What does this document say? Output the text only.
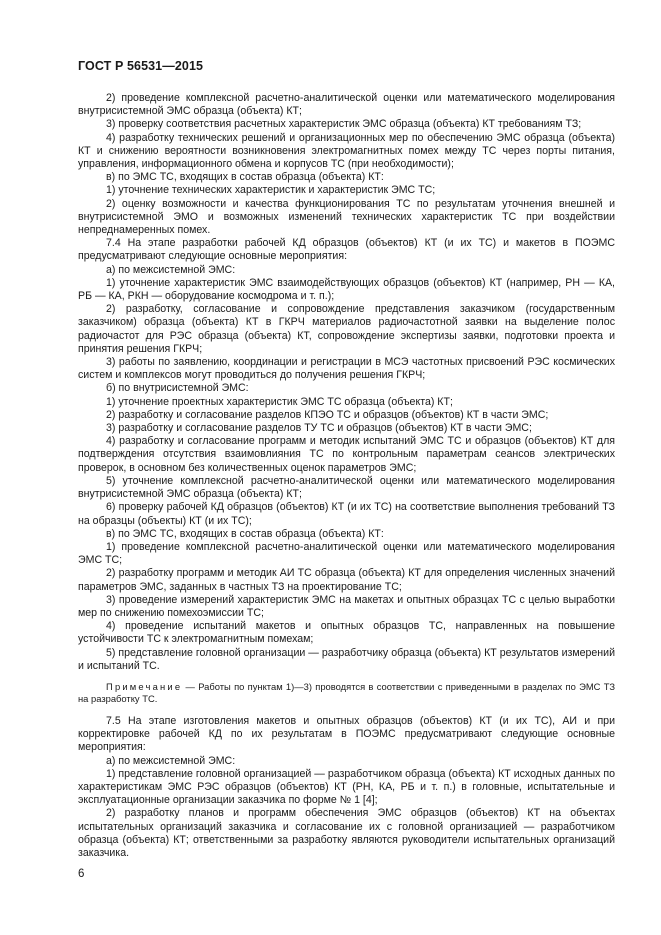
ГОСТ Р 56531—2015

2) проведение комплексной расчетно-аналитической оценки или математического моделирования внутрисистемной ЭМС образца (объекта) КТ;

3) проверку соответствия расчетных характеристик ЭМС образца (объекта) КТ требованиям ТЗ;

4) разработку технических решений и организационных мер по обеспечению ЭМС образца (объекта) КТ и снижению вероятности возникновения электромагнитных помех между ТС через порты питания, управления, информационного обмена и корпусов ТС (при необходимости);

в) по ЭМС ТС, входящих в состав образца (объекта) КТ:

1) уточнение технических характеристик и характеристик ЭМС ТС;

2) оценку возможности и качества функционирования ТС по результатам уточнения внешней и внутрисистемной ЭМО и возможных изменений технических характеристик ТС при воздействии непреднамеренных помех.

7.4 На этапе разработки рабочей КД образцов (объектов) КТ (и их ТС) и макетов в ПОЭМС предусматривают следующие основные мероприятия:

а) по межсистемной ЭМС:

1) уточнение характеристик ЭМС взаимодействующих образцов (объектов) КТ (например, РН — КА, РБ — КА, РКН — оборудование космодрома и т. п.);

2) разработку, согласование и сопровождение представления заказчиком (государственным заказчиком) образца (объекта) КТ в ГКРЧ материалов радиочастотной заявки на выделение полос радиочастот для РЭС образца (объекта) КТ, сопровождение экспертизы заявки, подготовки проекта и принятия решения ГКРЧ;

3) работы по заявлению, координации и регистрации в МСЭ частотных присвоений РЭС космических систем и комплексов могут проводиться до получения решения ГКРЧ;

б) по внутрисистемной ЭМС:

1) уточнение проектных характеристик ЭМС ТС образца (объекта) КТ;

2) разработку и согласование разделов КПЭО ТС и образцов (объектов) КТ в части ЭМС;

3) разработку и согласование разделов ТУ ТС и образцов (объектов) КТ в части ЭМС;

4) разработку и согласование программ и методик испытаний ЭМС ТС и образцов (объектов) КТ для подтверждения отсутствия взаимовлияния ТС по контрольным параметрам сеансов электрических проверок, в основном без количественных оценок параметров ЭМС;

5) уточнение комплексной расчетно-аналитической оценки или математического моделирования внутрисистемной ЭМС образца (объекта) КТ;

6) проверку рабочей КД образцов (объектов) КТ (и их ТС) на соответствие выполнения требований ТЗ на образцы (объекты) КТ (и их ТС);

в) по ЭМС ТС, входящих в состав образца (объекта) КТ:

1) проведение комплексной расчетно-аналитической оценки или математического моделирования ЭМС ТС;

2) разработку программ и методик АИ ТС образца (объекта) КТ для определения численных значений параметров ЭМС, заданных в частных ТЗ на проектирование ТС;

3) проведение измерений характеристик ЭМС на макетах и опытных образцах ТС с целью выработки мер по снижению помехоэмиссии ТС;

4) проведение испытаний макетов и опытных образцов ТС, направленных на повышение устойчивости ТС к электромагнитным помехам;

5) представление головной организации — разработчику образца (объекта) КТ результатов измерений и испытаний ТС.

Примечание — Работы по пунктам 1)—3) проводятся в соответствии с приведенными в разделах по ЭМС ТЗ на разработку ТС.

7.5 На этапе изготовления макетов и опытных образцов (объектов) КТ (и их ТС), АИ и при корректировке рабочей КД по их результатам в ПОЭМС предусматривают следующие основные мероприятия:

а) по межсистемной ЭМС:

1) представление головной организацией — разработчиком образца (объекта) КТ исходных данных по характеристикам ЭМС РЭС образцов (объектов) КТ (РН, КА, РБ и т. п.) в головные, испытательные и эксплуатационные организации заказчика по форме № 1 [4];

2) разработку планов и программ обеспечения ЭМС образцов (объектов) КТ на объектах испытательных организаций заказчика и согласование их с головной организацией — разработчиком образца (объекта) КТ; ответственными за разработку являются руководители испытательных организаций заказчика.

6
